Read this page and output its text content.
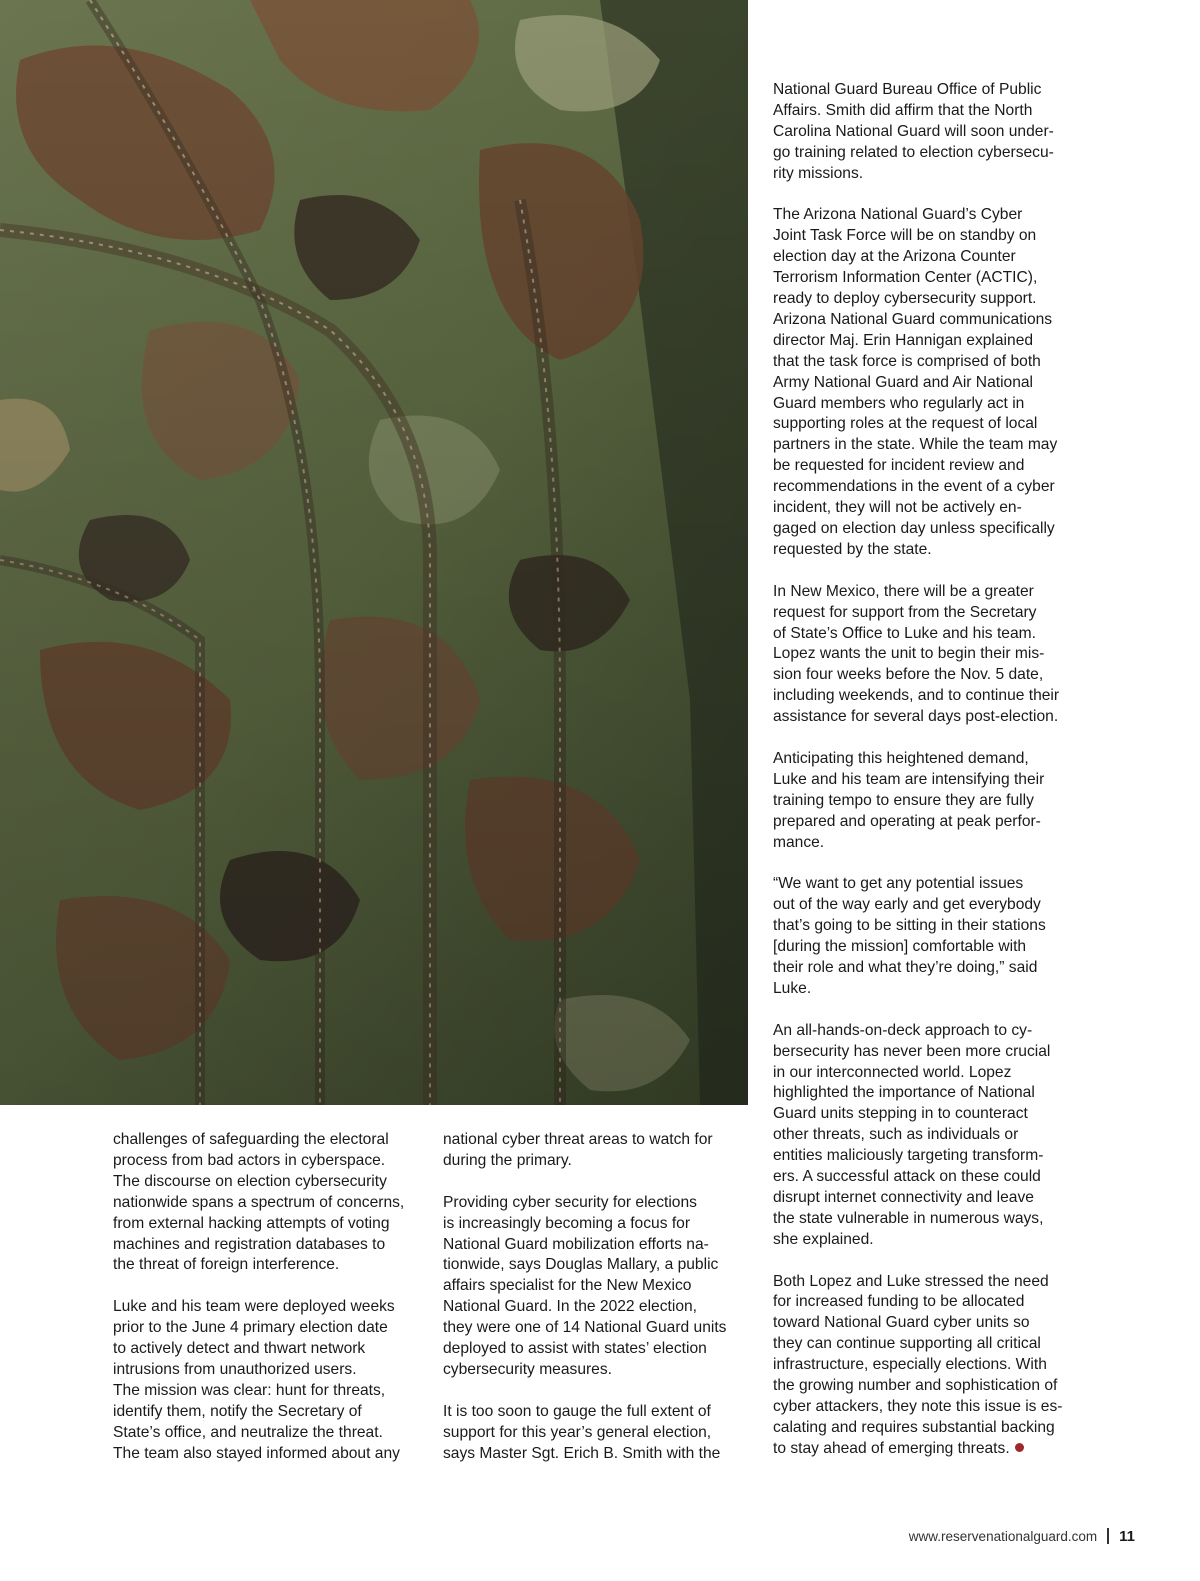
challenges of safeguarding the electoral
process from bad actors in cyberspace.
The discourse on election cybersecurity
nationwide spans a spectrum of concerns,
from external hacking attempts of voting
machines and registration databases to
the threat of foreign interference.

Luke and his team were deployed weeks
prior to the June 4 primary election date
to actively detect and thwart network
intrusions from unauthorized users.

The mission was clear: hunt for threats,
identify them, notify the Secretary of
State’s office, and neutralize the threat.
The team also stayed informed about any

national cyber threat areas to watch for
during the primary.

Providing cyber security for elections
is increasingly becoming a focus for
National Guard mobilization efforts na-
tionwide, says Douglas Mallary, a public
affairs specialist for the New Mexico
National Guard. In the 2022 election,
they were one of 14 National Guard units
deployed to assist with states’ election
cybersecurity measures.

It is too soon to gauge the full extent of
support for this year’s general election,
says Master Sgt. Erich B. Smith with the

National Guard Bureau Office of Public
Affairs. Smith did affirm that the North
Carolina National Guard will soon under-
go training related to election cybersecu-
rity missions.

The Arizona National Guard’s Cyber
Joint Task Force will be on standby on
election day at the Arizona Counter
Terrorism Information Center (ACTIC),
ready to deploy cybersecurity support.
Arizona National Guard communications
director Maj. Erin Hannigan explained
that the task force is comprised of both
Army National Guard and Air National
Guard members who regularly act in
supporting roles at the request of local
partners in the state. While the team may
be requested for incident review and
recommendations in the event of a cyber
incident, they will not be actively en-
gaged on election day unless specifically
requested by the state.

In New Mexico, there will be a greater
request for support from the Secretary
of State’s Office to Luke and his team.
Lopez wants the unit to begin their mis-
sion four weeks before the Nov. 5 date,
including weekends, and to continue their
assistance for several days post-election.

Anticipating this heightened demand,
Luke and his team are intensifying their
training tempo to ensure they are fully
prepared and operating at peak perfor-
mance.

“We want to get any potential issues
out of the way early and get everybody
that’s going to be sitting in their stations
[during the mission] comfortable with
their role and what they’re doing,” said
Luke.

An all-hands-on-deck approach to cy-
bersecurity has never been more crucial
in our interconnected world. Lopez
highlighted the importance of National
Guard units stepping in to counteract
other threats, such as individuals or
entities maliciously targeting transform-
ers. A successful attack on these could
disrupt internet connectivity and leave
the state vulnerable in numerous ways,
she explained.

Both Lopez and Luke stressed the need
for increased funding to be allocated
toward National Guard cyber units so
they can continue supporting all critical
infrastructure, especially elections. With
the growing number and sophistication of
cyber attackers, they note this issue is es-
calating and requires substantial backing
to stay ahead of emerging threats.

www.reservenationalguard.com 11
